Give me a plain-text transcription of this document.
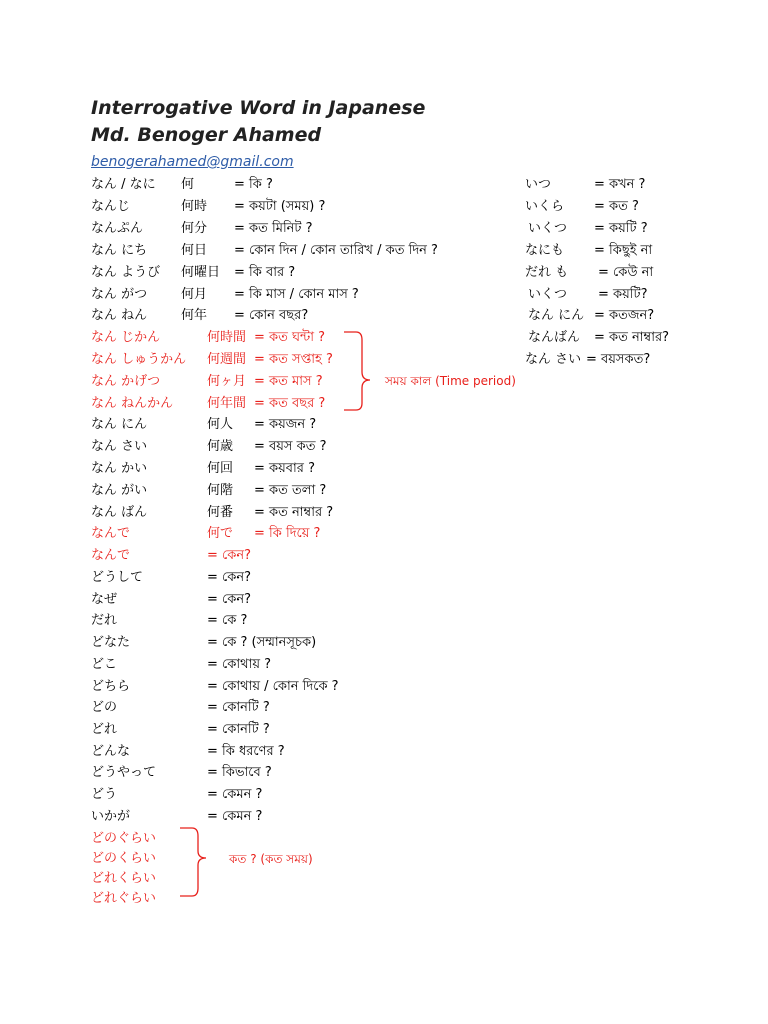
Interrogative Word in Japanese
Md. Benoger Ahamed
benogerahamed@gmail.com
なん / なに 何	= কি ?
なんじ	何時 = কয়টা (সময়) ?
なんぷん	何分 = কত মিনিট ?
なん にち	何日 = কোন দিন / কোন তারিখ / কত দিন ?
なん ようび 何曜日 = কি বার ?
なん がつ	何月 = কি মাস / কোন মাস ?
なん ねん	何年 = কোন বছর?
なん じかん	何時間 = কত ঘন্টা ?
なん しゅうかん 何週間 = কত সপ্তাহ ?
なん かげつ	何ヶ月 = কত মাস ?
なん ねんかん	何年間 = কত বছর ?
なん にん	何人 = কয়জন ?
なん さい	何歳 = বয়স কত ?
なん かい	何回 = কয়বার ?
なん がい	何階 = কত তলা ?
なん ばん	何番 = কত নাম্বার ?
なんで	何で = কি দিয়ে ?
なんで	= কেন?
どうして	= কেন?
なぜ	= কেন?
だれ	= কে ?
どなた	= কে ? (সম্মানসূচক)
どこ	= কোথায় ?
どちら	= কোথায় / কোন দিকে ?
どの	= কোনটি ?
どれ	= কোনটি ?
どんな	= কি ধরণের ?
どうやって	= কিভাবে ?
どう	= কেমন ?
いかが	= কেমন ?
どのぐらい
どのくらい
どれくらい
どれぐらい
いつ	= কখন ?
いくら = কত ?
いくつ = কয়টি ?
なにも = কিছুই না
だれ も = কেউ না
いくつ = কয়টি?
なん にん = কতজন?
なんばん = কত নাম্বার?
なん さい = বয়সকত?
সময় কাল (Time period)
কত ? (কত সময়)
